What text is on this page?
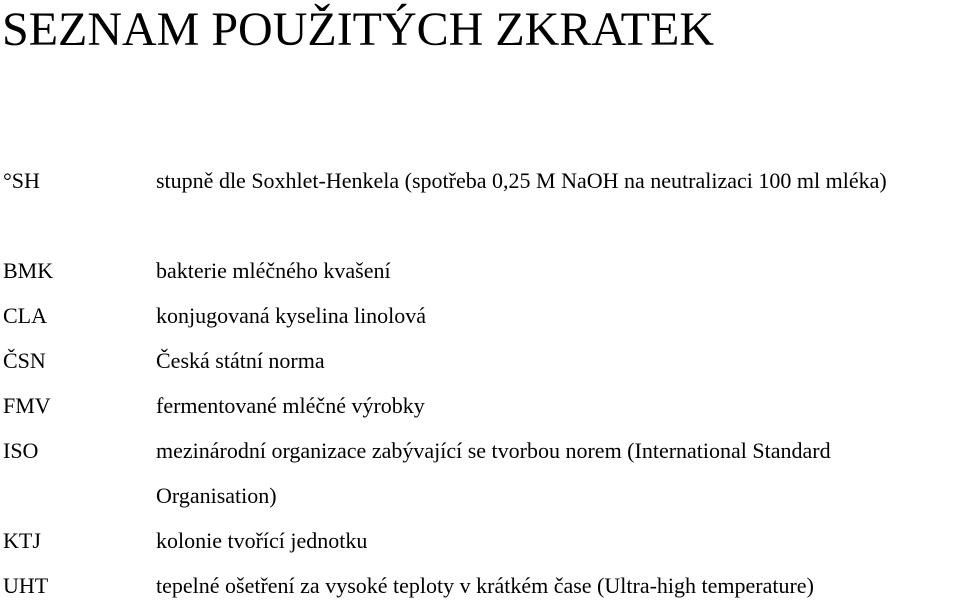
SEZNAM POUŽITÝCH ZKRATEK
°SH	stupně dle Soxhlet-Henkela (spotřeba 0,25 M NaOH na neutralizaci 100 ml mléka)
BMK	bakterie mléčného kvašení
CLA	konjugovaná kyselina linolová
ČSN	Česká státní norma
FMV	fermentované mléčné výrobky
ISO	mezinárodní organizace zabývající se tvorbou norem (International Standard Organisation)
KTJ	kolonie tvořící jednotku
UHT	tepelné ošetření za vysoké teploty v krátkém čase (Ultra-high temperature)
